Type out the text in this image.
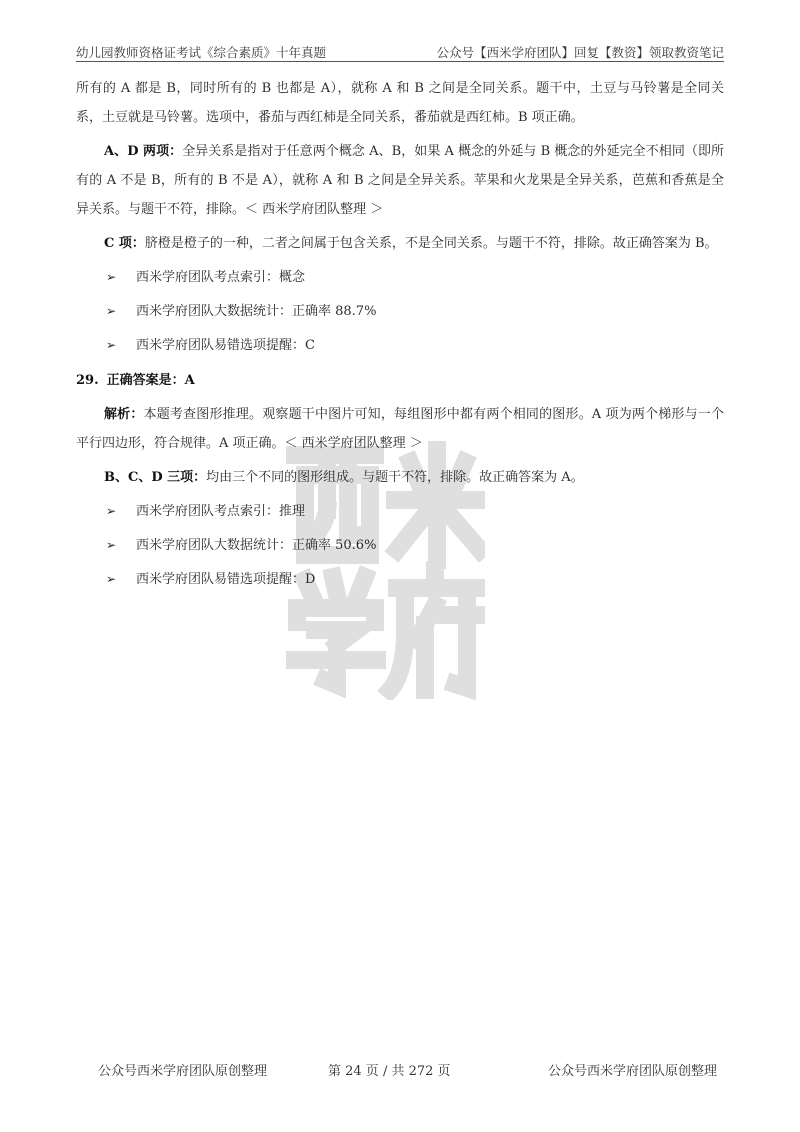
幼儿园教师资格证考试《综合素质》十年真题	公众号【西米学府团队】回复【教资】领取教资笔记

所有的 A 都是 B，同时所有的 B 也都是 A），就称 A 和 B 之间是全同关系。题干中，土豆与马铃薯是全同关系，土豆就是马铃薯。选项中，番茄与西红柿是全同关系，番茄就是西红柿。B 项正确。

A、D 两项：全异关系是指对于任意两个概念 A、B，如果 A 概念的外延与 B 概念的外延完全不相同（即所有的 A 不是 B，所有的 B 不是 A），就称 A 和 B 之间是全异关系。苹果和火龙果是全异关系，芭蕉和香蕉是全异关系。与题干不符，排除。＜ 西米学府团队整理 ＞

C 项：脐橙是橙子的一种，二者之间属于包含关系，不是全同关系。与题干不符，排除。故正确答案为 B。

➢	西米学府团队考点索引：概念
➢	西米学府团队大数据统计：正确率 88.7%
➢	西米学府团队易错选项提醒：C
29. 正确答案是：A

解析：本题考查图形推理。观察题干中图片可知，每组图形中都有两个相同的图形。A 项为两个梯形与一个平行四边形，符合规律。A 项正确。＜ 西米学府团队整理 ＞

B、C、D 三项：均由三个不同的图形组成。与题干不符，排除。故正确答案为 A。

➢	西米学府团队考点索引：推理
➢	西米学府团队大数据统计：正确率 50.6%
➢	西米学府团队易错选项提醒：D
公众号西米学府团队原创整理	第 24 页 / 共 272 页	公众号西米学府团队原创整理
